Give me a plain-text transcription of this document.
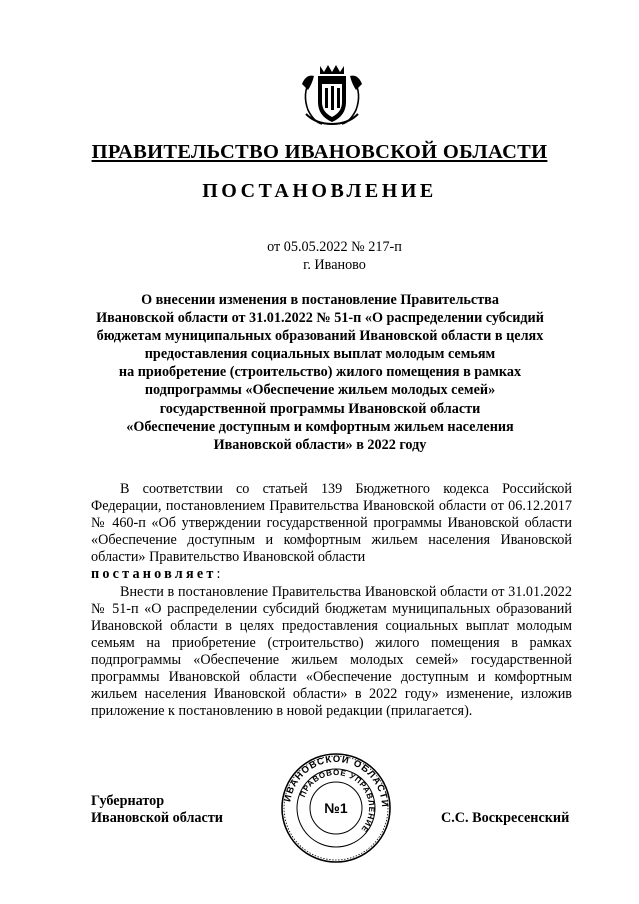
ПРАВИТЕЛЬСТВО ИВАНОВСКОЙ ОБЛАСТИ
ПОСТАНОВЛЕНИЕ
от 05.05.2022 № 217-п
г. Иваново
О внесении изменения в постановление Правительства
Ивановской области от 31.01.2022 № 51-п «О распределении субсидий
бюджетам муниципальных образований Ивановской области в целях
предоставления социальных выплат молодым семьям
на приобретение (строительство) жилого помещения в рамках
подпрограммы «Обеспечение жильем молодых семей»
государственной программы Ивановской области
«Обеспечение доступным и комфортным жильем населения
Ивановской области» в 2022 году

В соответствии со статьей 139 Бюджетного кодекса Российской Федерации, постановлением Правительства Ивановской области от 06.12.2017 № 460-п «Об утверждении государственной программы Ивановской области «Обеспечение доступным и комфортным жильем населения Ивановской области» Правительство Ивановской области
постановляет:

Внести в постановление Правительства Ивановской области от 31.01.2022 № 51-п «О распределении субсидий бюджетам муниципальных образований Ивановской области в целях предоставления социальных выплат молодым семьям на приобретение (строительство) жилого помещения в рамках подпрограммы «Обеспечение жильем молодых семей» государственной программы Ивановской области «Обеспечение доступным и комфортным жильем населения Ивановской области» в 2022 году» изменение, изложив приложение к постановлению в новой редакции (прилагается).

Губернатор
Ивановской области	С.С. Воскресенский
ИВАНОВСКОЙ ОБЛАСТИ
ПРАВОВОЕ УПРАВЛЕНИЕ
№1
